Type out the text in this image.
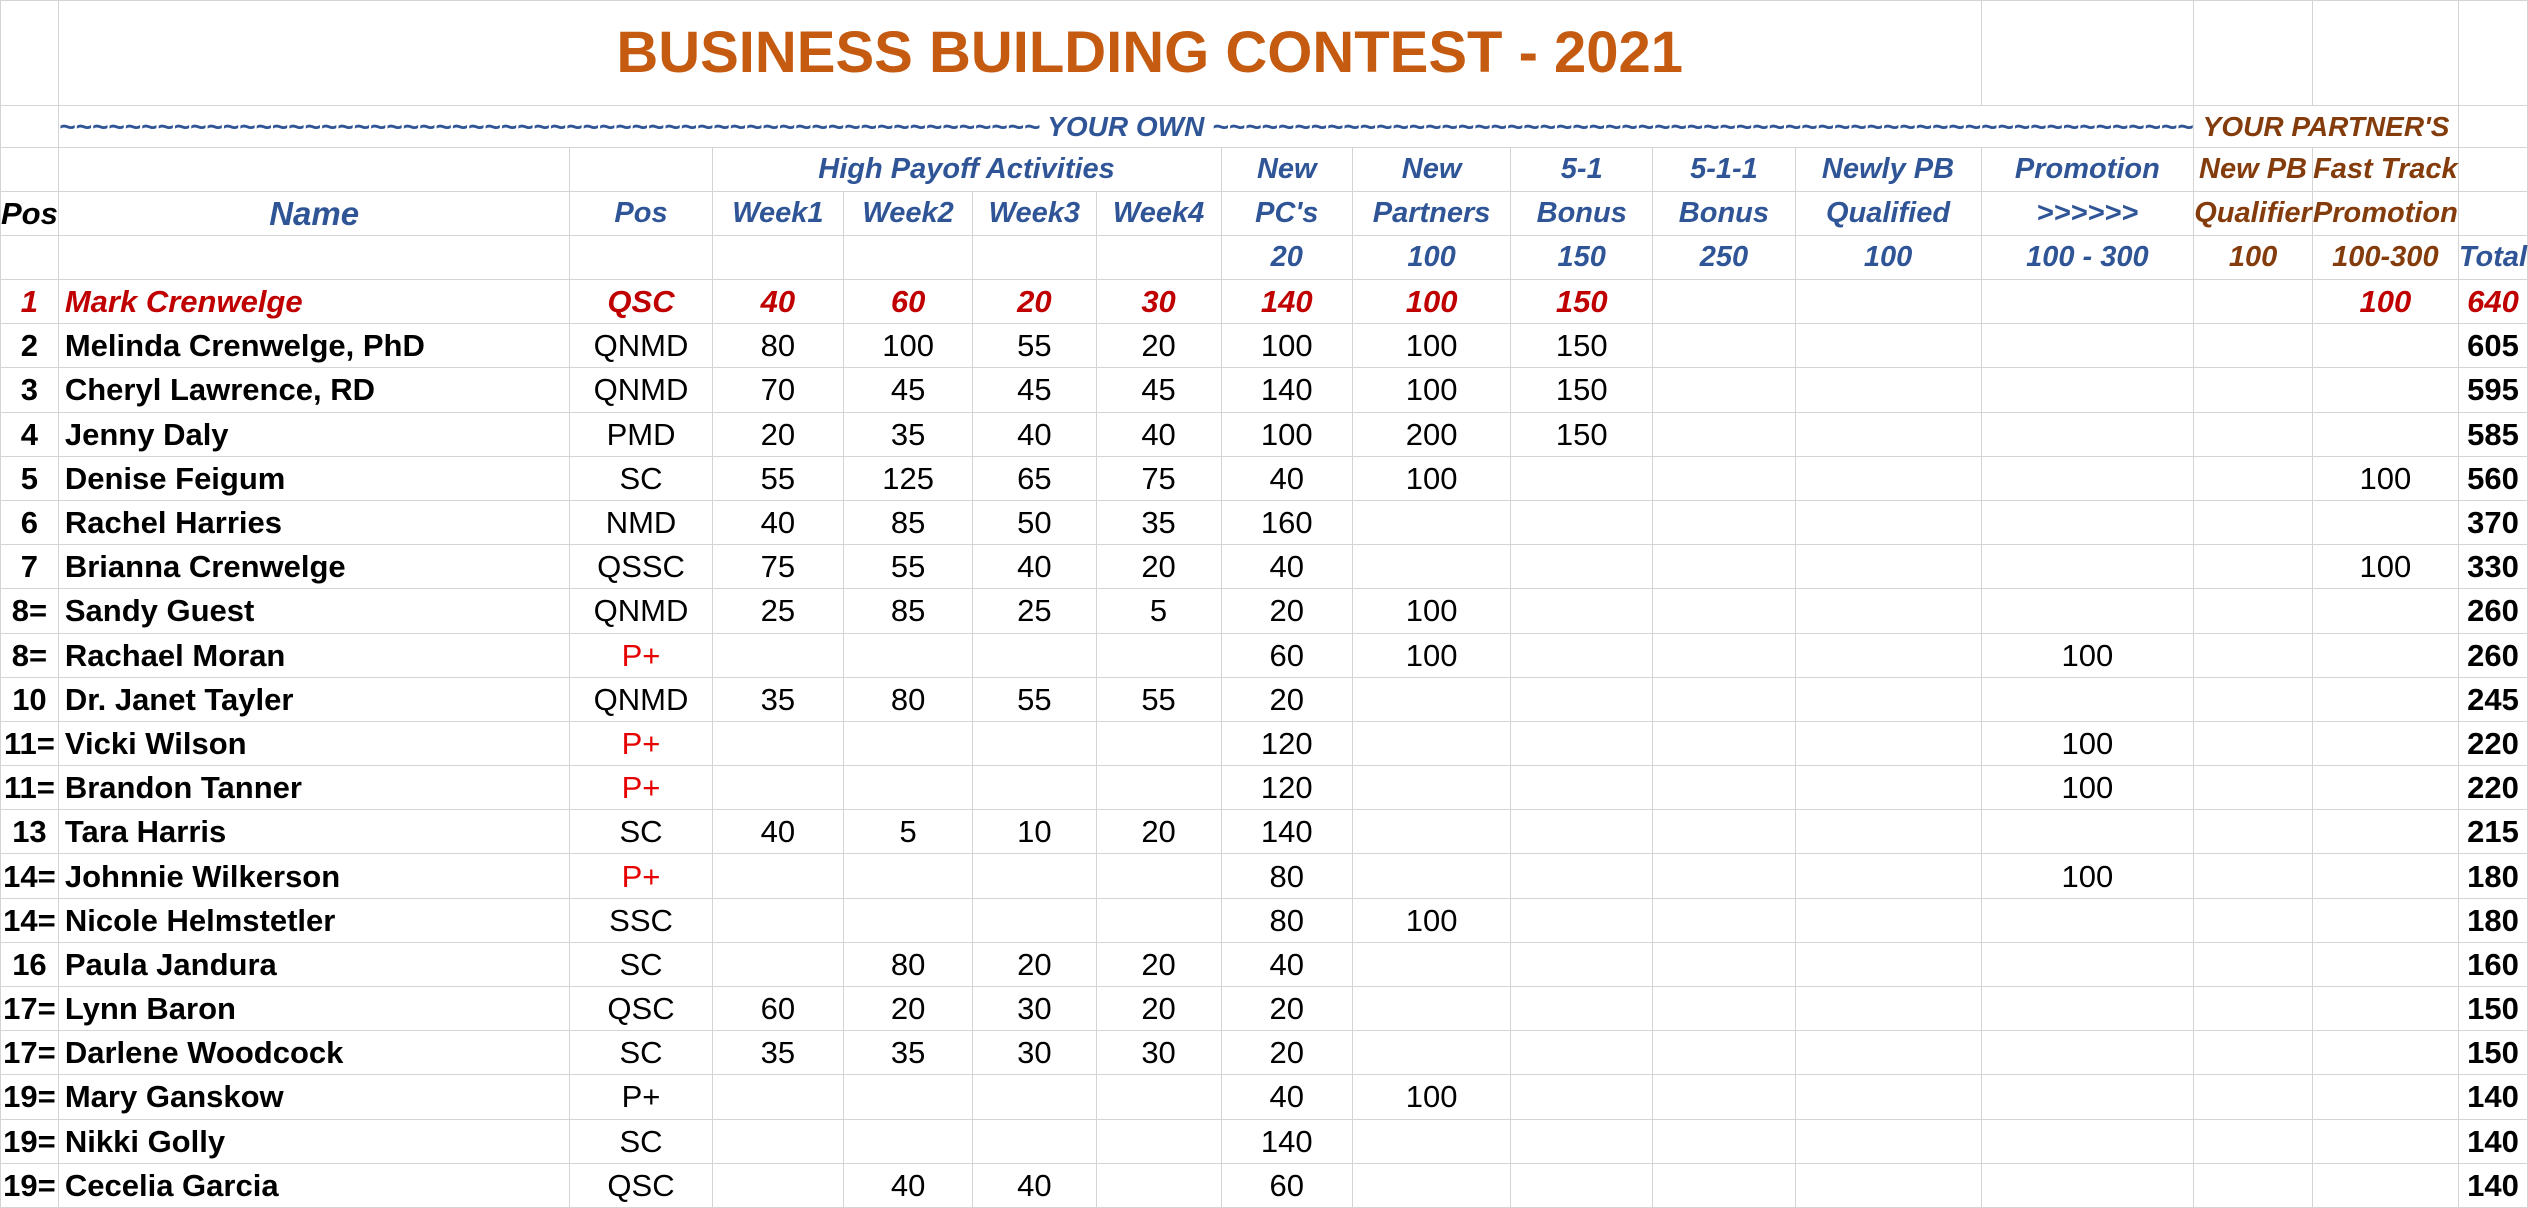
	BUSINESS BUILDING CONTEST - 2021														
	~~~~~~~~~~~~~~~~~~~~~~~~~~~~~~~~~~~~~~~~~~~~~~~~~~~~~~~~~~~~ YOUR OWN ~~~~~~~~~~~~~~~~~~~~~~~~~~~~~~~~~~~~~~~~~~~~~~~~~~~~~~~~~~~~												YOUR PARTNER'S		
			High Payoff Activities				New	New	5-1	5-1-1	Newly PB	Promotion	New PB	Fast Track	
Pos	Name	Pos	Week1	Week2	Week3	Week4	PC's	Partners	Bonus	Bonus	Qualified	>>>>>>	Qualifier	Promotion	
							20	100	150	250	100	100 - 300	100	100-300	Total
1	Mark Crenwelge	QSC	40	60	20	30	140	100	150					100	640
2	Melinda Crenwelge, PhD	QNMD	80	100	55	20	100	100	150						605
3	Cheryl Lawrence, RD	QNMD	70	45	45	45	140	100	150						595
4	Jenny Daly	PMD	20	35	40	40	100	200	150						585
5	Denise Feigum	SC	55	125	65	75	40	100						100	560
6	Rachel Harries	NMD	40	85	50	35	160								370
7	Brianna Crenwelge	QSSC	75	55	40	20	40							100	330
8=	Sandy Guest	QNMD	25	85	25	5	20	100							260
8=	Rachael Moran	P+					60	100				100			260
10	Dr. Janet Tayler	QNMD	35	80	55	55	20								245
11=	Vicki Wilson	P+					120					100			220
11=	Brandon Tanner	P+					120					100			220
13	Tara Harris	SC	40	5	10	20	140								215
14=	Johnnie Wilkerson	P+					80					100			180
14=	Nicole Helmstetler	SSC					80	100							180
16	Paula Jandura	SC		80	20	20	40								160
17=	Lynn Baron	QSC	60	20	30	20	20								150
17=	Darlene Woodcock	SC	35	35	30	30	20								150
19=	Mary Ganskow	P+					40	100							140
19=	Nikki Golly	SC					140								140
19=	Cecelia Garcia	QSC		40	40		60								140
